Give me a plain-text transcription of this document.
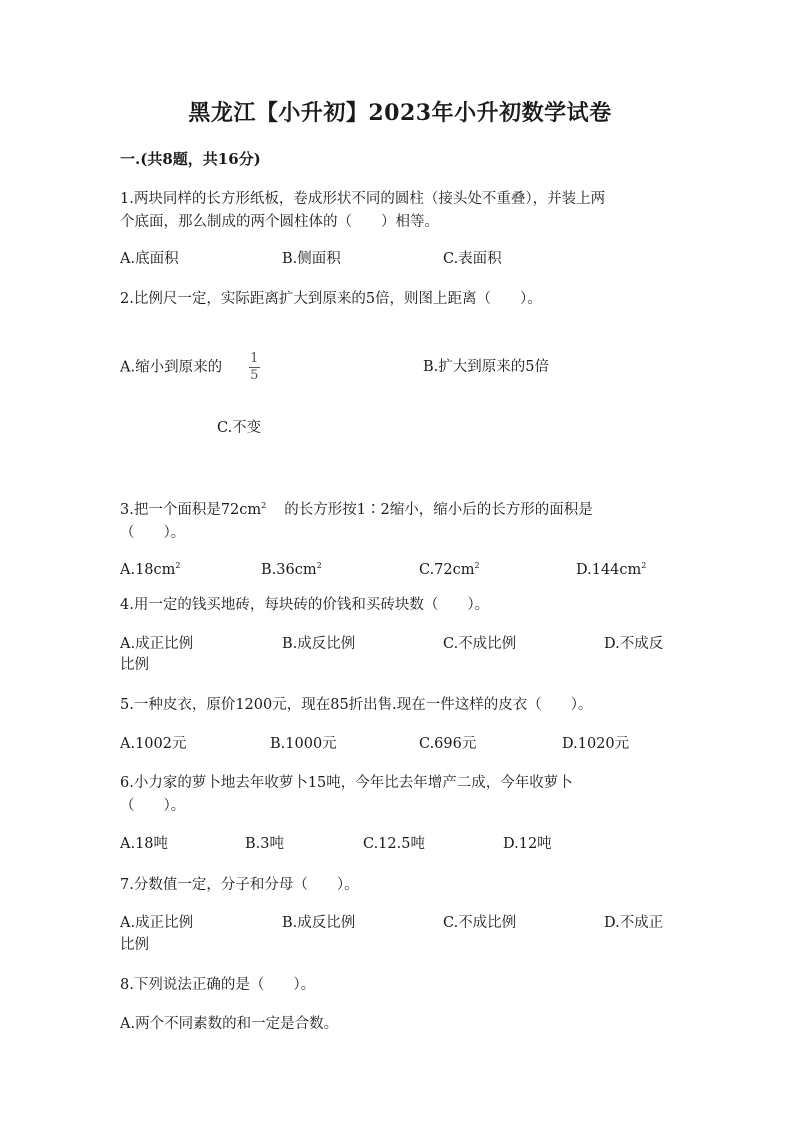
黑龙江【小升初】2023年小升初数学试卷
一.(共8题，共16分)
1.两块同样的长方形纸板，卷成形状不同的圆柱（接头处不重叠），并装上两
个底面，那么制成的两个圆柱体的（　　）相等。
A.底面积	B.侧面积	C.表面积
2.比例尺一定，实际距离扩大到原来的5倍，则图上距离（　　）。
A.缩小到原来的 $\frac{1}{5}$	B.扩大到原来的5倍
C.不变
3.把一个面积是$72cm^2$ 的长方形按1∶2缩小，缩小后的长方形的面积是
（　　）。
$A.18cm^2$	$B.36cm^2$	$C.72cm^2$	$D.144cm^2$
4.用一定的钱买地砖，每块砖的价钱和买砖块数（　　）。
A.成正比例	B.成反比例	C.不成比例	D.不成反
比例
5.一种皮衣，原价1200元，现在85折出售.现在一件这样的皮衣（　　）。
A.1002元	B.1000元	C.696元	D.1020元
6.小力家的萝卜地去年收萝卜15吨，今年比去年增产二成，今年收萝卜
（　　）。
A.18吨	B.3吨	C.12.5吨	D.12吨
7.分数值一定，分子和分母（　　）。
A.成正比例	B.成反比例	C.不成比例	D.不成正
比例
8.下列说法正确的是（　　）。
A.两个不同素数的和一定是合数。
